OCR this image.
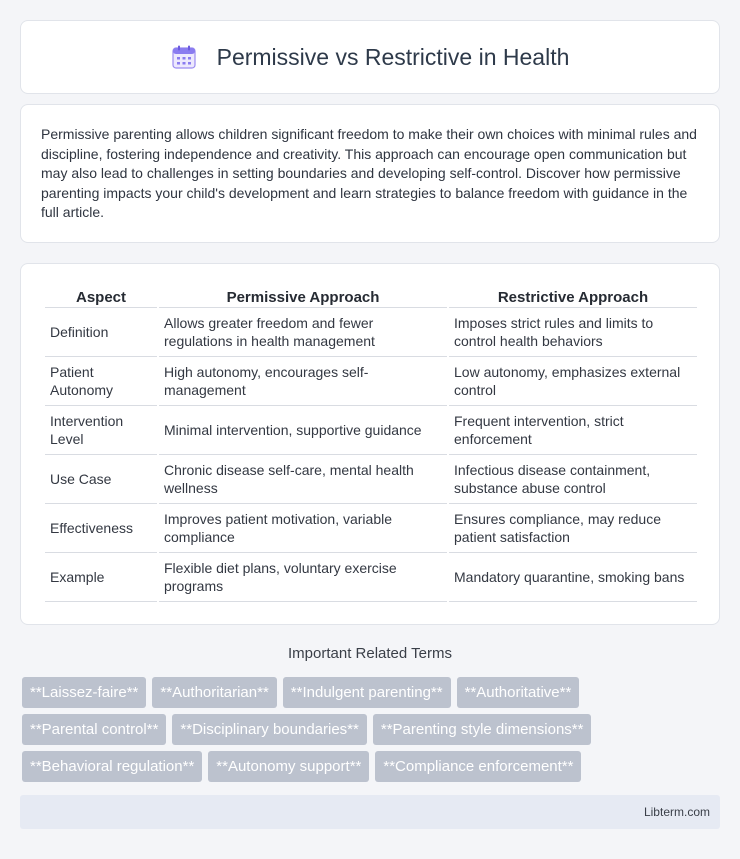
Permissive vs Restrictive in Health

Permissive parenting allows children significant freedom to make their own choices with minimal rules and discipline, fostering independence and creativity. This approach can encourage open communication but may also lead to challenges in setting boundaries and developing self-control. Discover how permissive parenting impacts your child's development and learn strategies to balance freedom with guidance in the full article.

Aspect	Permissive Approach	Restrictive Approach
Definition	Allows greater freedom and fewer regulations in health management	Imposes strict rules and limits to control health behaviors
Patient Autonomy	High autonomy, encourages self-management	Low autonomy, emphasizes external control
Intervention Level	Minimal intervention, supportive guidance	Frequent intervention, strict enforcement
Use Case	Chronic disease self-care, mental health wellness	Infectious disease containment, substance abuse control
Effectiveness	Improves patient motivation, variable compliance	Ensures compliance, may reduce patient satisfaction
Example	Flexible diet plans, voluntary exercise programs	Mandatory quarantine, smoking bans
Important Related Terms
**Laissez-faire**	**Authoritarian**	**Indulgent parenting**	**Authoritative**
**Parental control**	**Disciplinary boundaries**	**Parenting style dimensions**
**Behavioral regulation**	**Autonomy support**	**Compliance enforcement**
Libterm.com
